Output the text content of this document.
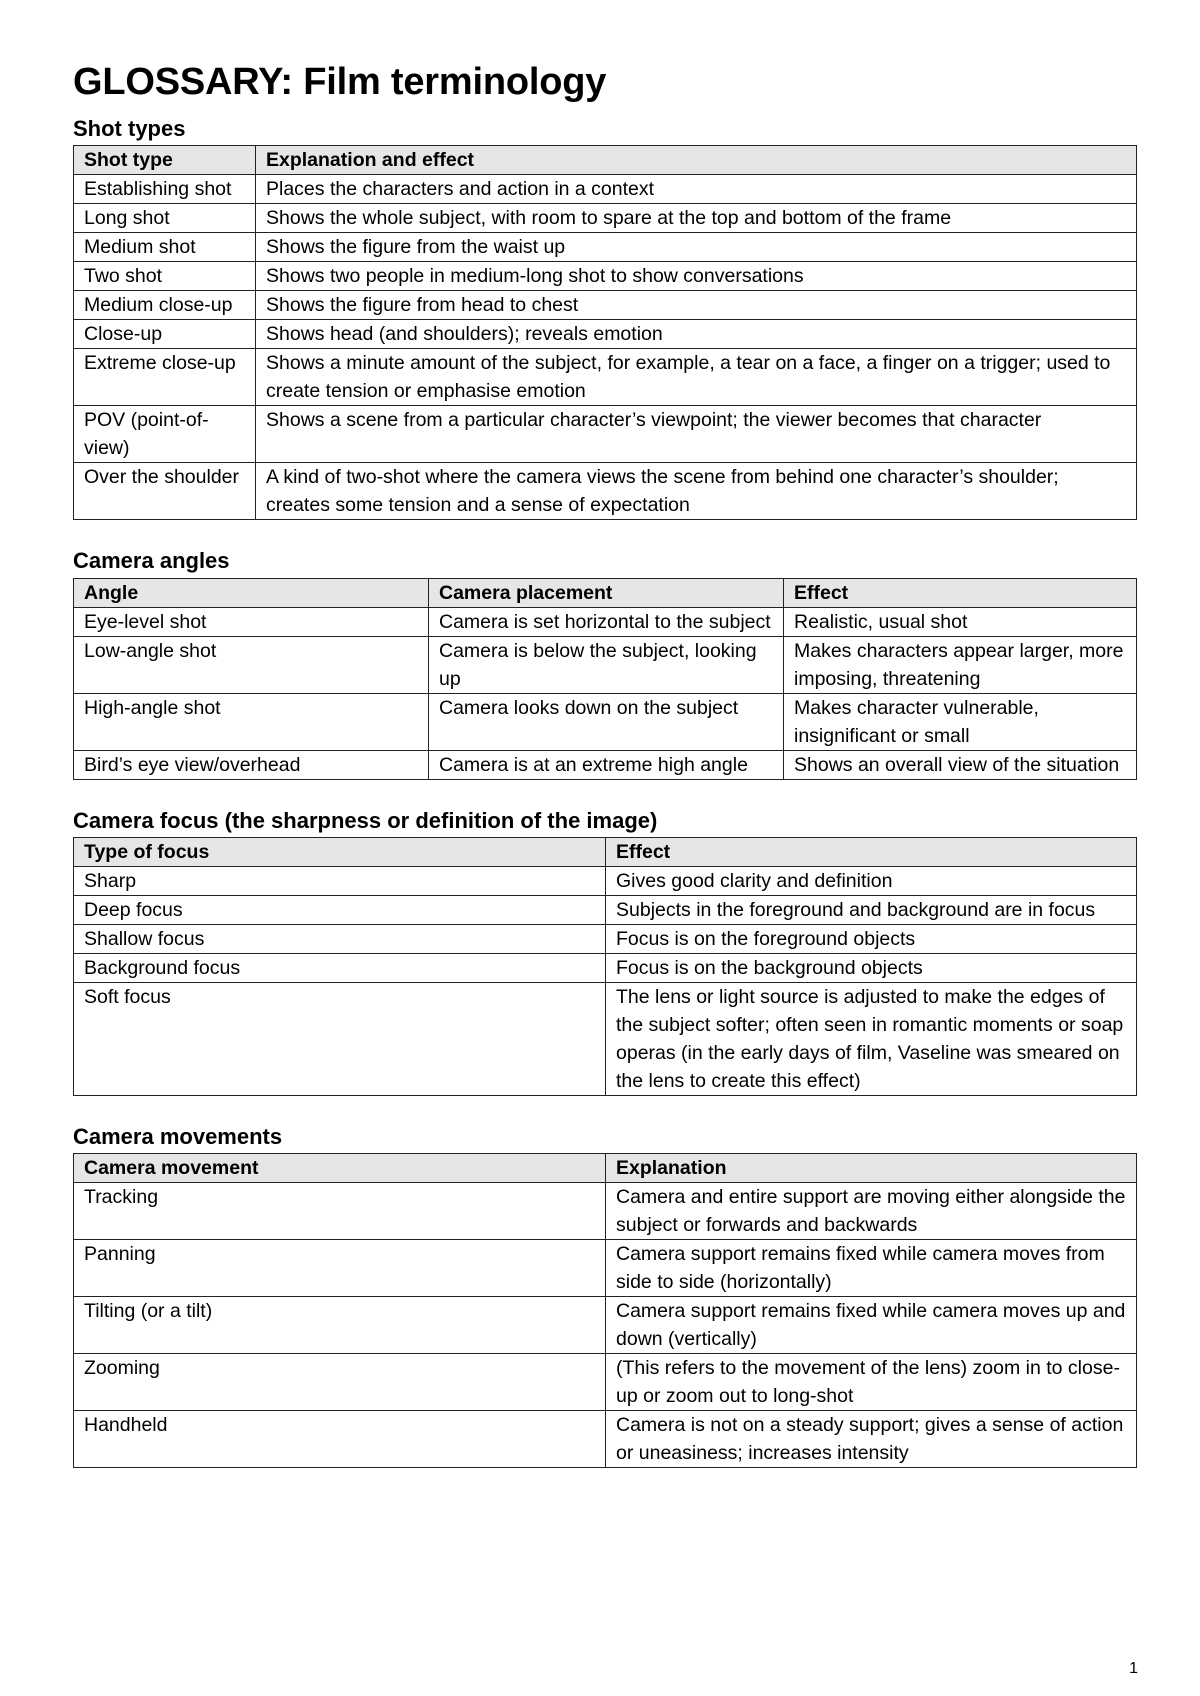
GLOSSARY: Film terminology
Shot types
Shot type	Explanation and effect
Establishing shot	Places the characters and action in a context
Long shot	Shows the whole subject, with room to spare at the top and bottom of the frame
Medium shot	Shows the figure from the waist up
Two shot	Shows two people in medium-long shot to show conversations
Medium close-up	Shows the figure from head to chest
Close-up	Shows head (and shoulders); reveals emotion
Extreme close-up	Shows a minute amount of the subject, for example, a tear on a face, a finger on a trigger; used to create tension or emphasise emotion
POV (point-of-view)	Shows a scene from a particular character’s viewpoint; the viewer becomes that character
Over the shoulder	A kind of two-shot where the camera views the scene from behind one character’s shoulder; creates some tension and a sense of expectation
Camera angles
Angle	Camera placement	Effect
Eye-level shot	Camera is set horizontal to the subject	Realistic, usual shot
Low-angle shot	Camera is below the subject, looking up	Makes characters appear larger, more imposing, threatening
High-angle shot	Camera looks down on the subject	Makes character vulnerable, insignificant or small
Bird’s eye view/overhead	Camera is at an extreme high angle	Shows an overall view of the situation
Camera focus (the sharpness or definition of the image)
Type of focus	Effect
Sharp	Gives good clarity and definition
Deep focus	Subjects in the foreground and background are in focus
Shallow focus	Focus is on the foreground objects
Background focus	Focus is on the background objects
Soft focus	The lens or light source is adjusted to make the edges of the subject softer; often seen in romantic moments or soap operas (in the early days of film, Vaseline was smeared on the lens to create this effect)
Camera movements
Camera movement	Explanation
Tracking	Camera and entire support are moving either alongside the subject or forwards and backwards
Panning	Camera support remains fixed while camera moves from side to side (horizontally)
Tilting (or a tilt)	Camera support remains fixed while camera moves up and down (vertically)
Zooming	(This refers to the movement of the lens) zoom in to close-up or zoom out to long-shot
Handheld	Camera is not on a steady support; gives a sense of action or uneasiness; increases intensity
1
